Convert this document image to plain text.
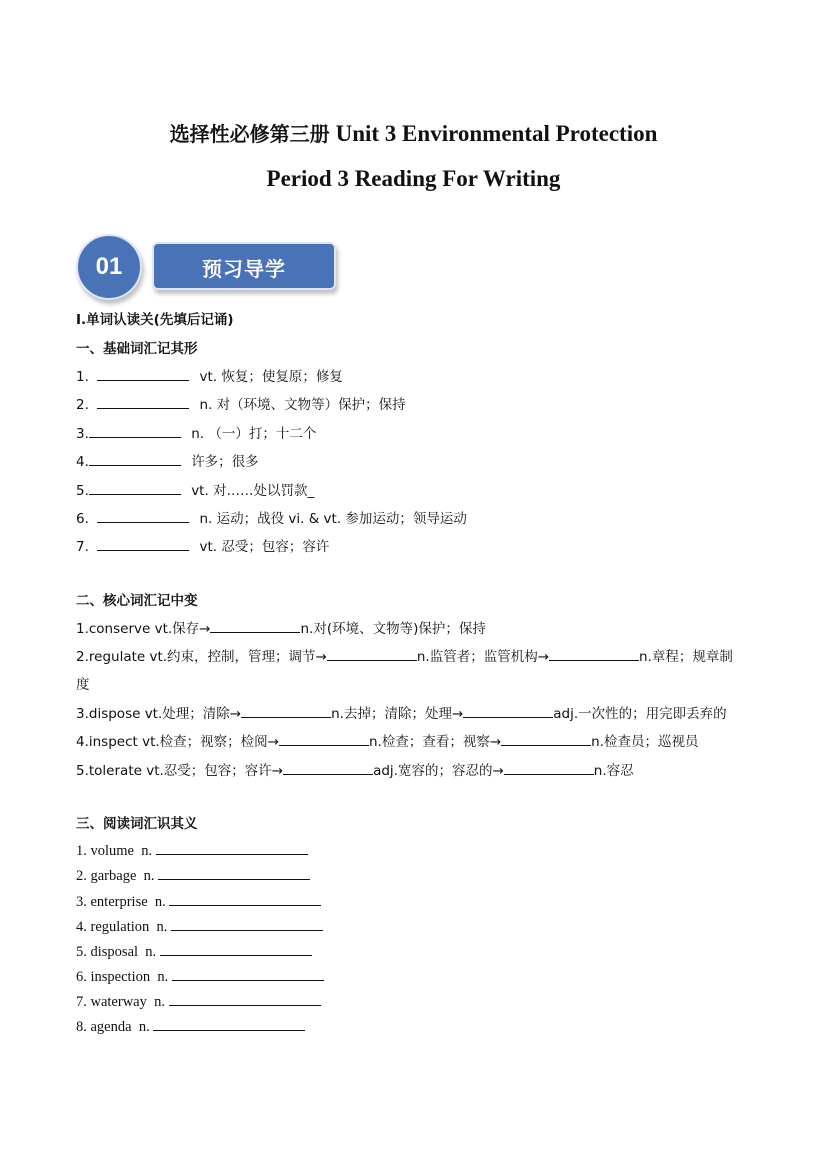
选择性必修第三册 Unit 3 Environmental Protection
Period 3 Reading For Writing
01	预习导学
Ⅰ.单词认读关(先填后记诵)
一、基础词汇记其形
1.	vt. 恢复；使复原；修复
2.	n. 对（环境、文物等）保护；保持
3.	n. （一）打；十二个
4.	许多；很多
5.	vt. 对……处以罚款_
6.	n. 运动；战役 vi. & vt. 参加运动；领导运动
7.	vt. 忍受；包容；容许
二、核心词汇记中变
1.conserve vt.保存→	n.对(环境、文物等)保护；保持
2.regulate vt.约束，控制，管理；调节→	n.监管者；监管机构→	n.章程；规章制
度
3.dispose vt.处理；清除→	n.去掉；清除；处理→	adj.一次性的；用完即丢弃的
4.inspect vt.检查；视察；检阅→	n.检查；查看；视察→	n.检查员；巡视员
5.tolerate vt.忍受；包容；容许→	adj.宽容的；容忍的→	n.容忍
三、阅读词汇识其义
1. volume n.
2. garbage n.
3. enterprise n.
4. regulation n.
5. disposal n.
6. inspection n.
7. waterway n.
8. agenda n.
